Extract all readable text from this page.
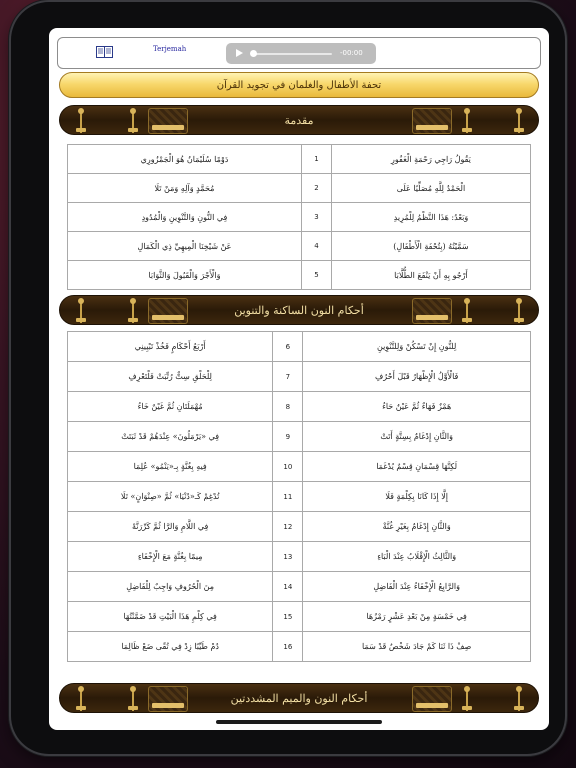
Terjemah	-00:00
تحفة الأطفال والغلمان في تجويد القرآن
مقدمة
دَوْمًا سُلَيْمَانُ هُوَ الْجَمْزُورِي	1	يَقُولُ رَاجِي رَحْمَةِ الْغَفُورِ
مُحَمَّدٍ وَآلِهِ وَمَنْ تَلَا	2	الْحَمْدُ لِلَّهِ مُصَلِّيًا عَلَى
فِي النُّونِ وَالتَّنْوِينِ وَالْمُدُودِ	3	وَبَعْدُ: هَذَا النَّظْمُ لِلْمُرِيدِ
عَنْ شَيْخِنَا الْمِيهِيِّ ذِي الْكَمَالِ	4	سَمَّيْتُهُ (بِتُحْفَةِ الْأَطْفَالِ)
وَالْأَجْرَ وَالْقَبُولَ وَالثَّوَابَا	5	أَرْجُو بِهِ أَنْ يَنْفَعَ الطُّلَّابَا
أحكام النون الساكنة والتنوين
أَرْبَعُ أَحْكَامٍ فَخُذْ تَبْيِينِي	6	لِلنُّونِ إِنْ تَسْكُنْ وَلِلتَّنْوِينِ
لِلْحَلْقِ سِتٌّ رُتِّبَتْ فَلْتَعْرِفِ	7	فَالْأَوَّلُ الْإِظْهَارُ قَبْلَ أَحْرُفِ
مُهْمَلَتَانِ ثُمَّ غَيْنٌ خَاءُ	8	هَمْزٌ فَهَاءٌ ثُمَّ عَيْنٌ حَاءُ
فِي «يَرْمَلُونَ» عِنْدَهُمْ قَدْ ثَبَتَتْ	9	وَالثَّانِ إِدْغَامٌ بِسِتَّةٍ أَتَتْ
فِيهِ بِغُنَّةٍ بِـ«يَنْمُو» عُلِمَا	10	لَكِنَّهَا قِسْمَانِ قِسْمٌ يُدْغَمَا
تُدْغِمْ كَـ«دُنْيَا» ثُمَّ «صِنْوَانٍ» تَلَا	11	إِلَّا إِذَا كَانَا بِكِلْمَةٍ فَلَا
فِي اللَّامِ وَالرَّا ثُمَّ كَرِّرَنَّهْ	12	وَالثَّانِ إِدْغَامٌ بِغَيْرِ غُنَّةْ
مِيمًا بِغُنَّةٍ مَعَ الْإِخْفَاءِ	13	وَالثَّالِثُ الْإِقْلَابُ عِنْدَ الْبَاءِ
مِنَ الْحُرُوفِ وَاجِبٌ لِلْفَاضِلِ	14	وَالرَّابِعُ الْإِخْفَاءُ عِنْدَ الْفَاضِلِ
فِي كِلْمِ هَذَا الْبَيْتِ قَدْ ضَمَّنْتُهَا	15	فِي خَمْسَةٍ مِنْ بَعْدِ عَشْرٍ رَمْزُهَا
دُمْ طَيِّبًا زِدْ فِي تُقًى ضَعْ ظَالِمَا	16	صِفْ ذَا ثَنَا كَمْ جَادَ شَخْصٌ قَدْ سَمَا
أحكام النون والميم المشددتين
